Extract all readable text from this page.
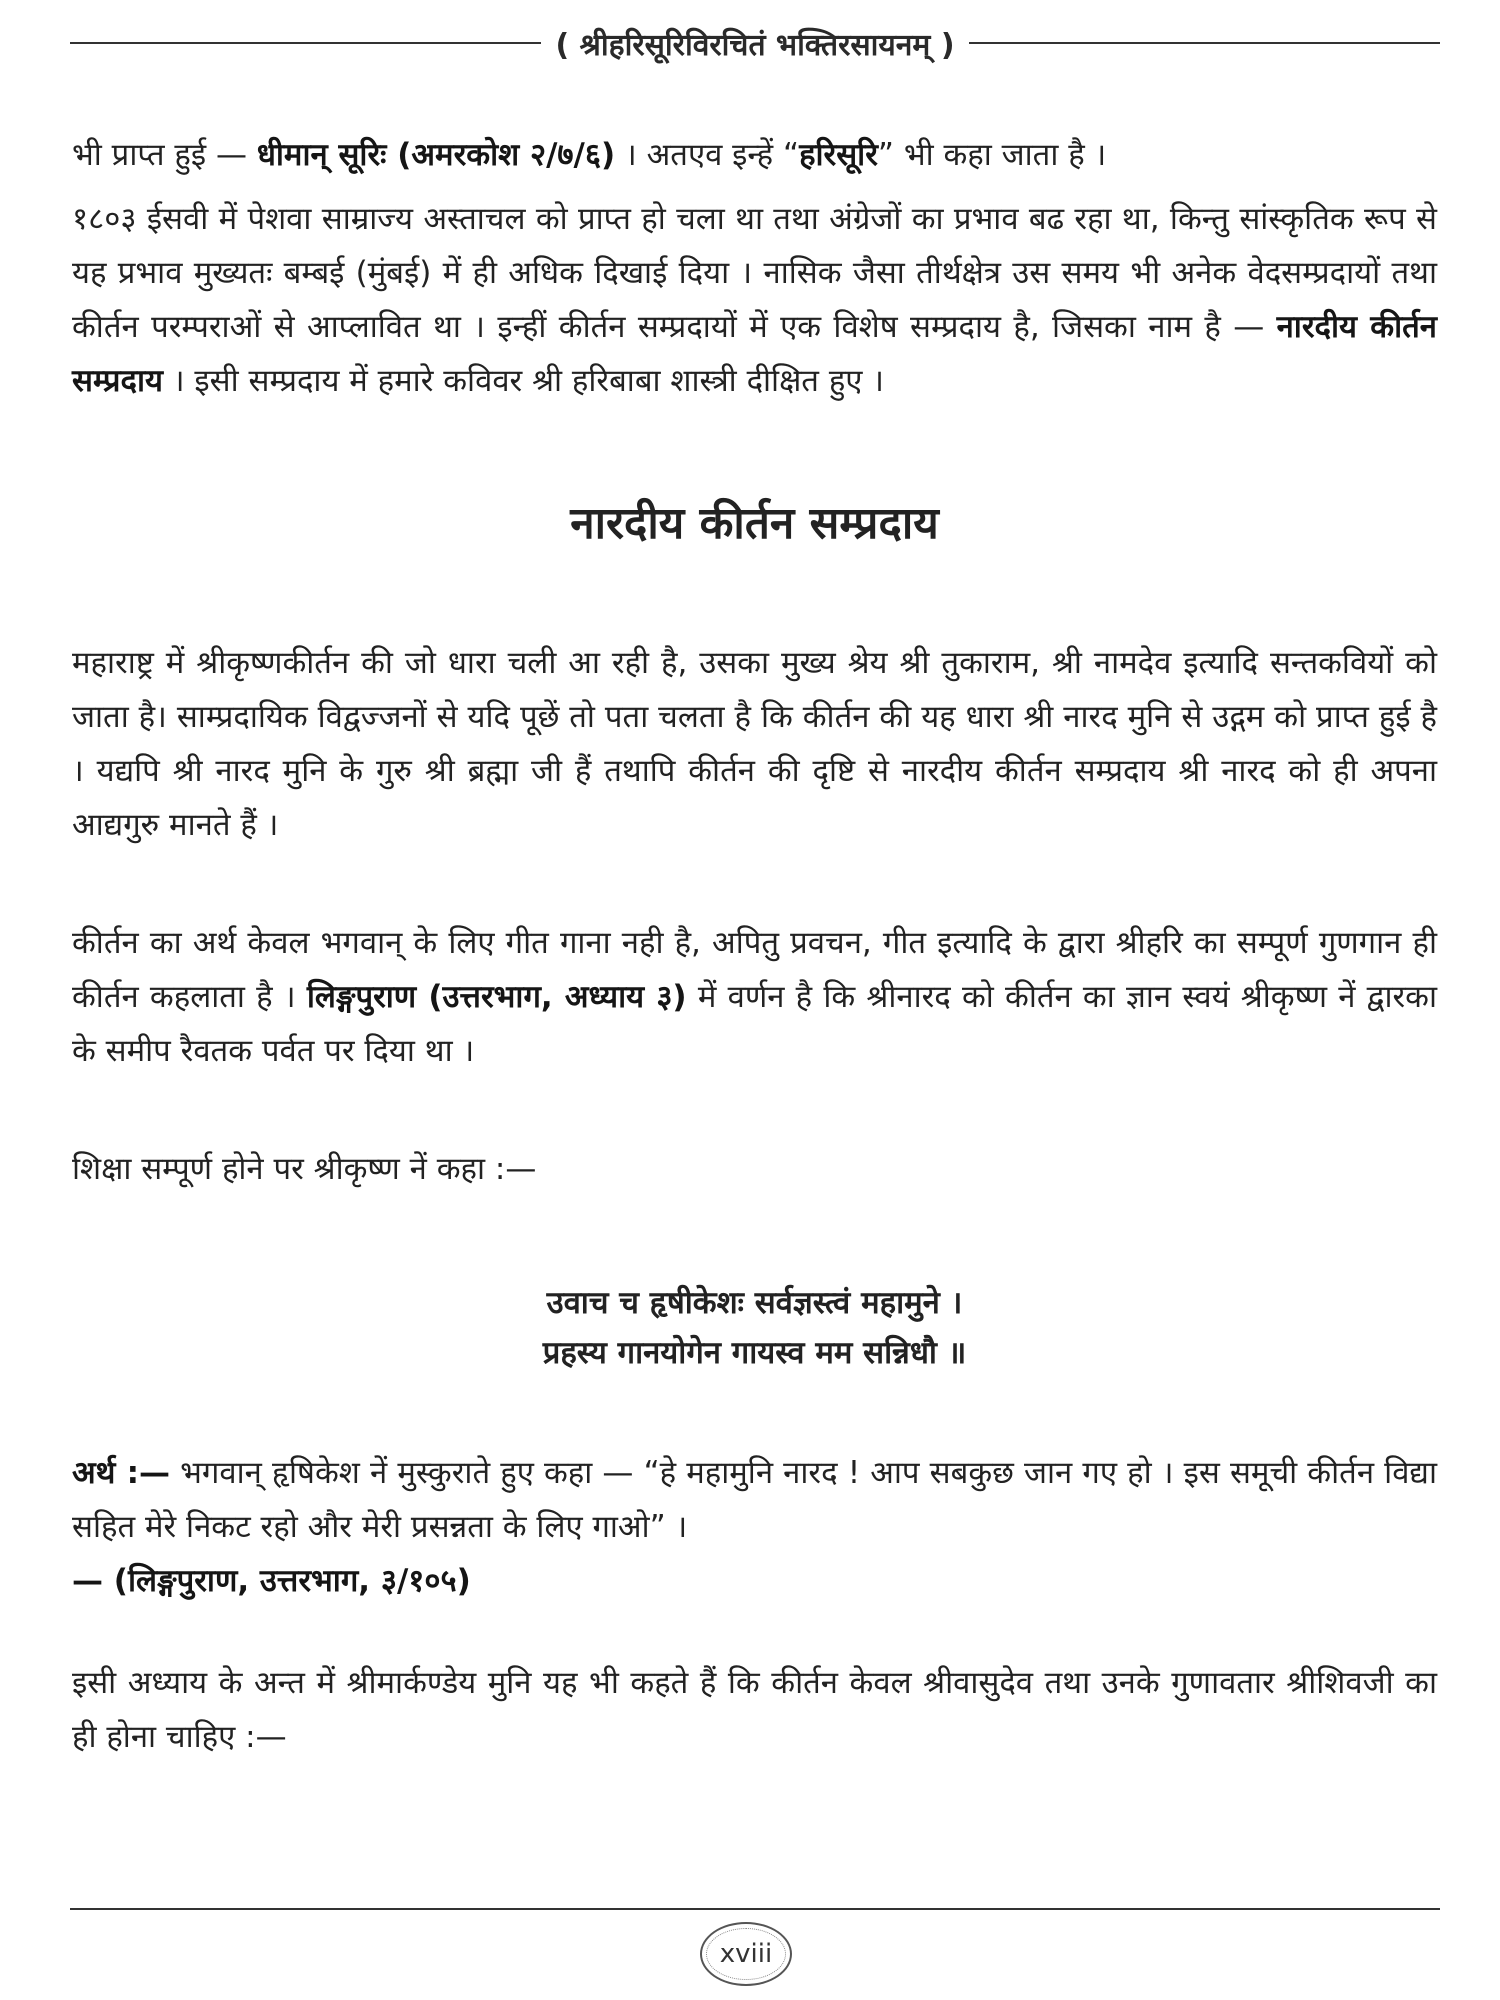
( श्रीहरिसूरिविरचितं भक्तिरसायनम् )

भी प्राप्त हुई — धीमान् सूरिः (अमरकोश २/७/६) । अतएव इन्हें “हरिसूरि” भी कहा जाता है ।

१८०३ ईसवी में पेशवा साम्राज्य अस्ताचल को प्राप्त हो चला था तथा अंग्रेजों का प्रभाव बढ रहा था, किन्तु सांस्कृतिक रूप से यह प्रभाव मुख्यतः बम्बई (मुंबई) में ही अधिक दिखाई दिया । नासिक जैसा तीर्थक्षेत्र उस समय भी अनेक वेदसम्प्रदायों तथा कीर्तन परम्पराओं से आप्लावित था । इन्हीं कीर्तन सम्प्रदायों में एक विशेष सम्प्रदाय है, जिसका नाम है — नारदीय कीर्तन सम्प्रदाय । इसी सम्प्रदाय में हमारे कविवर श्री हरिबाबा शास्त्री दीक्षित हुए ।

नारदीय कीर्तन सम्प्रदाय

महाराष्ट्र में श्रीकृष्णकीर्तन की जो धारा चली आ रही है, उसका मुख्य श्रेय श्री तुकाराम, श्री नामदेव इत्यादि सन्तकवियों को जाता है। साम्प्रदायिक विद्वज्जनों से यदि पूछें तो पता चलता है कि कीर्तन की यह धारा श्री नारद मुनि से उद्गम को प्राप्त हुई है । यद्यपि श्री नारद मुनि के गुरु श्री ब्रह्मा जी हैं तथापि कीर्तन की दृष्टि से नारदीय कीर्तन सम्प्रदाय श्री नारद को ही अपना आद्यगुरु मानते हैं ।

कीर्तन का अर्थ केवल भगवान् के लिए गीत गाना नही है, अपितु प्रवचन, गीत इत्यादि के द्वारा श्रीहरि का सम्पूर्ण गुणगान ही कीर्तन कहलाता है । लिङ्गपुराण (उत्तरभाग, अध्याय ३) में वर्णन है कि श्रीनारद को कीर्तन का ज्ञान स्वयं श्रीकृष्ण नें द्वारका के समीप रैवतक पर्वत पर दिया था ।

शिक्षा सम्पूर्ण होने पर श्रीकृष्ण नें कहा :—

उवाच च हृषीकेशः सर्वज्ञस्त्वं महामुने ।
प्रहस्य गानयोगेन गायस्व मम सन्निधौ ॥

अर्थ :— भगवान् हृषिकेश नें मुस्कुराते हुए कहा — “हे महामुनि नारद ! आप सबकुछ जान गए हो । इस समूची कीर्तन विद्या सहित मेरे निकट रहो और मेरी प्रसन्नता के लिए गाओ” ।

— (लिङ्गपुराण, उत्तरभाग, ३/१०५)

इसी अध्याय के अन्त में श्रीमार्कण्डेय मुनि यह भी कहते हैं कि कीर्तन केवल श्रीवासुदेव तथा उनके गुणावतार श्रीशिवजी का ही होना चाहिए :—

xviii
